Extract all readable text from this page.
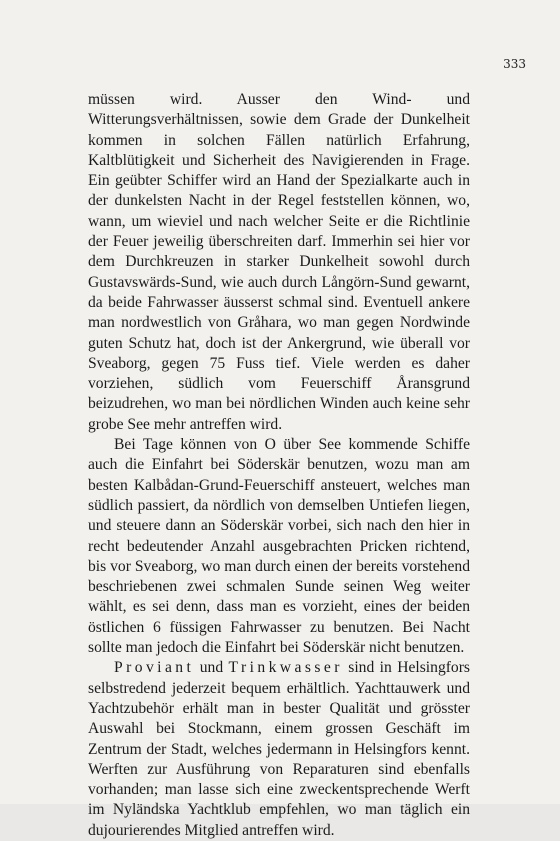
333

müssen wird. Ausser den Wind- und Witterungsverhältnissen, sowie dem Grade der Dunkelheit kommen in solchen Fällen natürlich Erfahrung, Kaltblütigkeit und Sicherheit des Navigierenden in Frage. Ein geübter Schiffer wird an Hand der Spezialkarte auch in der dunkelsten Nacht in der Regel feststellen können, wo, wann, um wieviel und nach welcher Seite er die Richtlinie der Feuer jeweilig überschreiten darf. Immerhin sei hier vor dem Durchkreuzen in starker Dunkelheit sowohl durch Gustavswärds-Sund, wie auch durch Långörn-Sund gewarnt, da beide Fahrwasser äusserst schmal sind. Eventuell ankere man nordwestlich von Gråhara, wo man gegen Nordwinde guten Schutz hat, doch ist der Ankergrund, wie überall vor Sveaborg, gegen 75 Fuss tief. Viele werden es daher vorziehen, südlich vom Feuerschiff Åransgrund beizudrehen, wo man bei nördlichen Winden auch keine sehr grobe See mehr antreffen wird.

Bei Tage können von O über See kommende Schiffe auch die Einfahrt bei Söderskär benutzen, wozu man am besten Kalbådan-Grund-Feuerschiff ansteuert, welches man südlich passiert, da nördlich von demselben Untiefen liegen, und steuere dann an Söderskär vorbei, sich nach den hier in recht bedeutender Anzahl ausgebrachten Pricken richtend, bis vor Sveaborg, wo man durch einen der bereits vorstehend beschriebenen zwei schmalen Sunde seinen Weg weiter wählt, es sei denn, dass man es vorzieht, eines der beiden östlichen 6 füssigen Fahrwasser zu benutzen. Bei Nacht sollte man jedoch die Einfahrt bei Söderskär nicht benutzen.

Proviant und Trinkwasser sind in Helsingfors selbstredend jederzeit bequem erhältlich. Yachttauwerk und Yachtzubehör erhält man in bester Qualität und grösster Auswahl bei Stockmann, einem grossen Geschäft im Zentrum der Stadt, welches jedermann in Helsingfors kennt. Werften zur Ausführung von Reparaturen sind ebenfalls vorhanden; man lasse sich eine zweckentsprechende Werft im Nyländska Yachtklub empfehlen, wo man täglich ein dujourierendes Mitglied antreffen wird.
